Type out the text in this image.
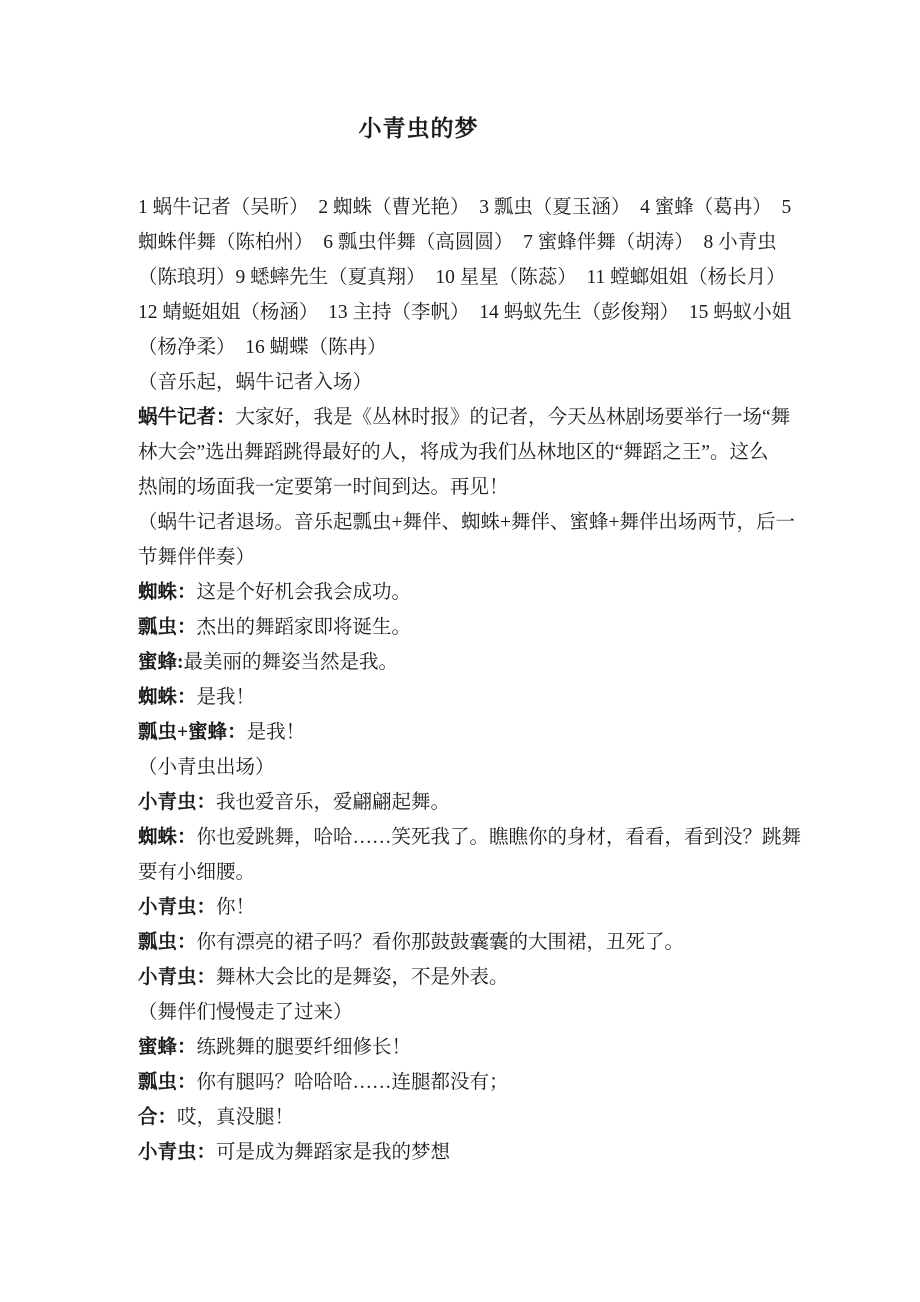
小青虫的梦
1 蜗牛记者（吴昕）　2 蜘蛛（曹光艳）　3 瓢虫（夏玉涵）　4 蜜蜂（葛冉）　5
蜘蛛伴舞（陈柏州）　6 瓢虫伴舞（高圆圆）　7 蜜蜂伴舞（胡涛）　8 小青虫
（陈琅玥）9 蟋蟀先生（夏真翔）　10 星星（陈蕊）　11 螳螂姐姐（杨长月）
12 蜻蜓姐姐（杨涵）　13 主持（李帆）　14 蚂蚁先生（彭俊翔）　15 蚂蚁小姐
（杨净柔）　16 蝴蝶（陈冉）
（音乐起，蜗牛记者入场）
蜗牛记者：大家好，我是《丛林时报》的记者，今天丛林剧场要举行一场“舞
林大会”选出舞蹈跳得最好的人，将成为我们丛林地区的“舞蹈之王”。这么
热闹的场面我一定要第一时间到达。再见！
（蜗牛记者退场。音乐起瓢虫+舞伴、蜘蛛+舞伴、蜜蜂+舞伴出场两节，后一
节舞伴伴奏）
蜘蛛：这是个好机会我会成功。
瓢虫：杰出的舞蹈家即将诞生。
蜜蜂:最美丽的舞姿当然是我。
蜘蛛：是我！
瓢虫+蜜蜂：是我！
（小青虫出场）
小青虫：我也爱音乐，爱翩翩起舞。
蜘蛛：你也爱跳舞，哈哈……笑死我了。瞧瞧你的身材，看看，看到没？跳舞
要有小细腰。
小青虫：你！
瓢虫：你有漂亮的裙子吗？看你那鼓鼓囊囊的大围裙，丑死了。
小青虫：舞林大会比的是舞姿，不是外表。
（舞伴们慢慢走了过来）
蜜蜂：练跳舞的腿要纤细修长！
瓢虫：你有腿吗？哈哈哈……连腿都没有；
合：哎，真没腿！
小青虫：可是成为舞蹈家是我的梦想
